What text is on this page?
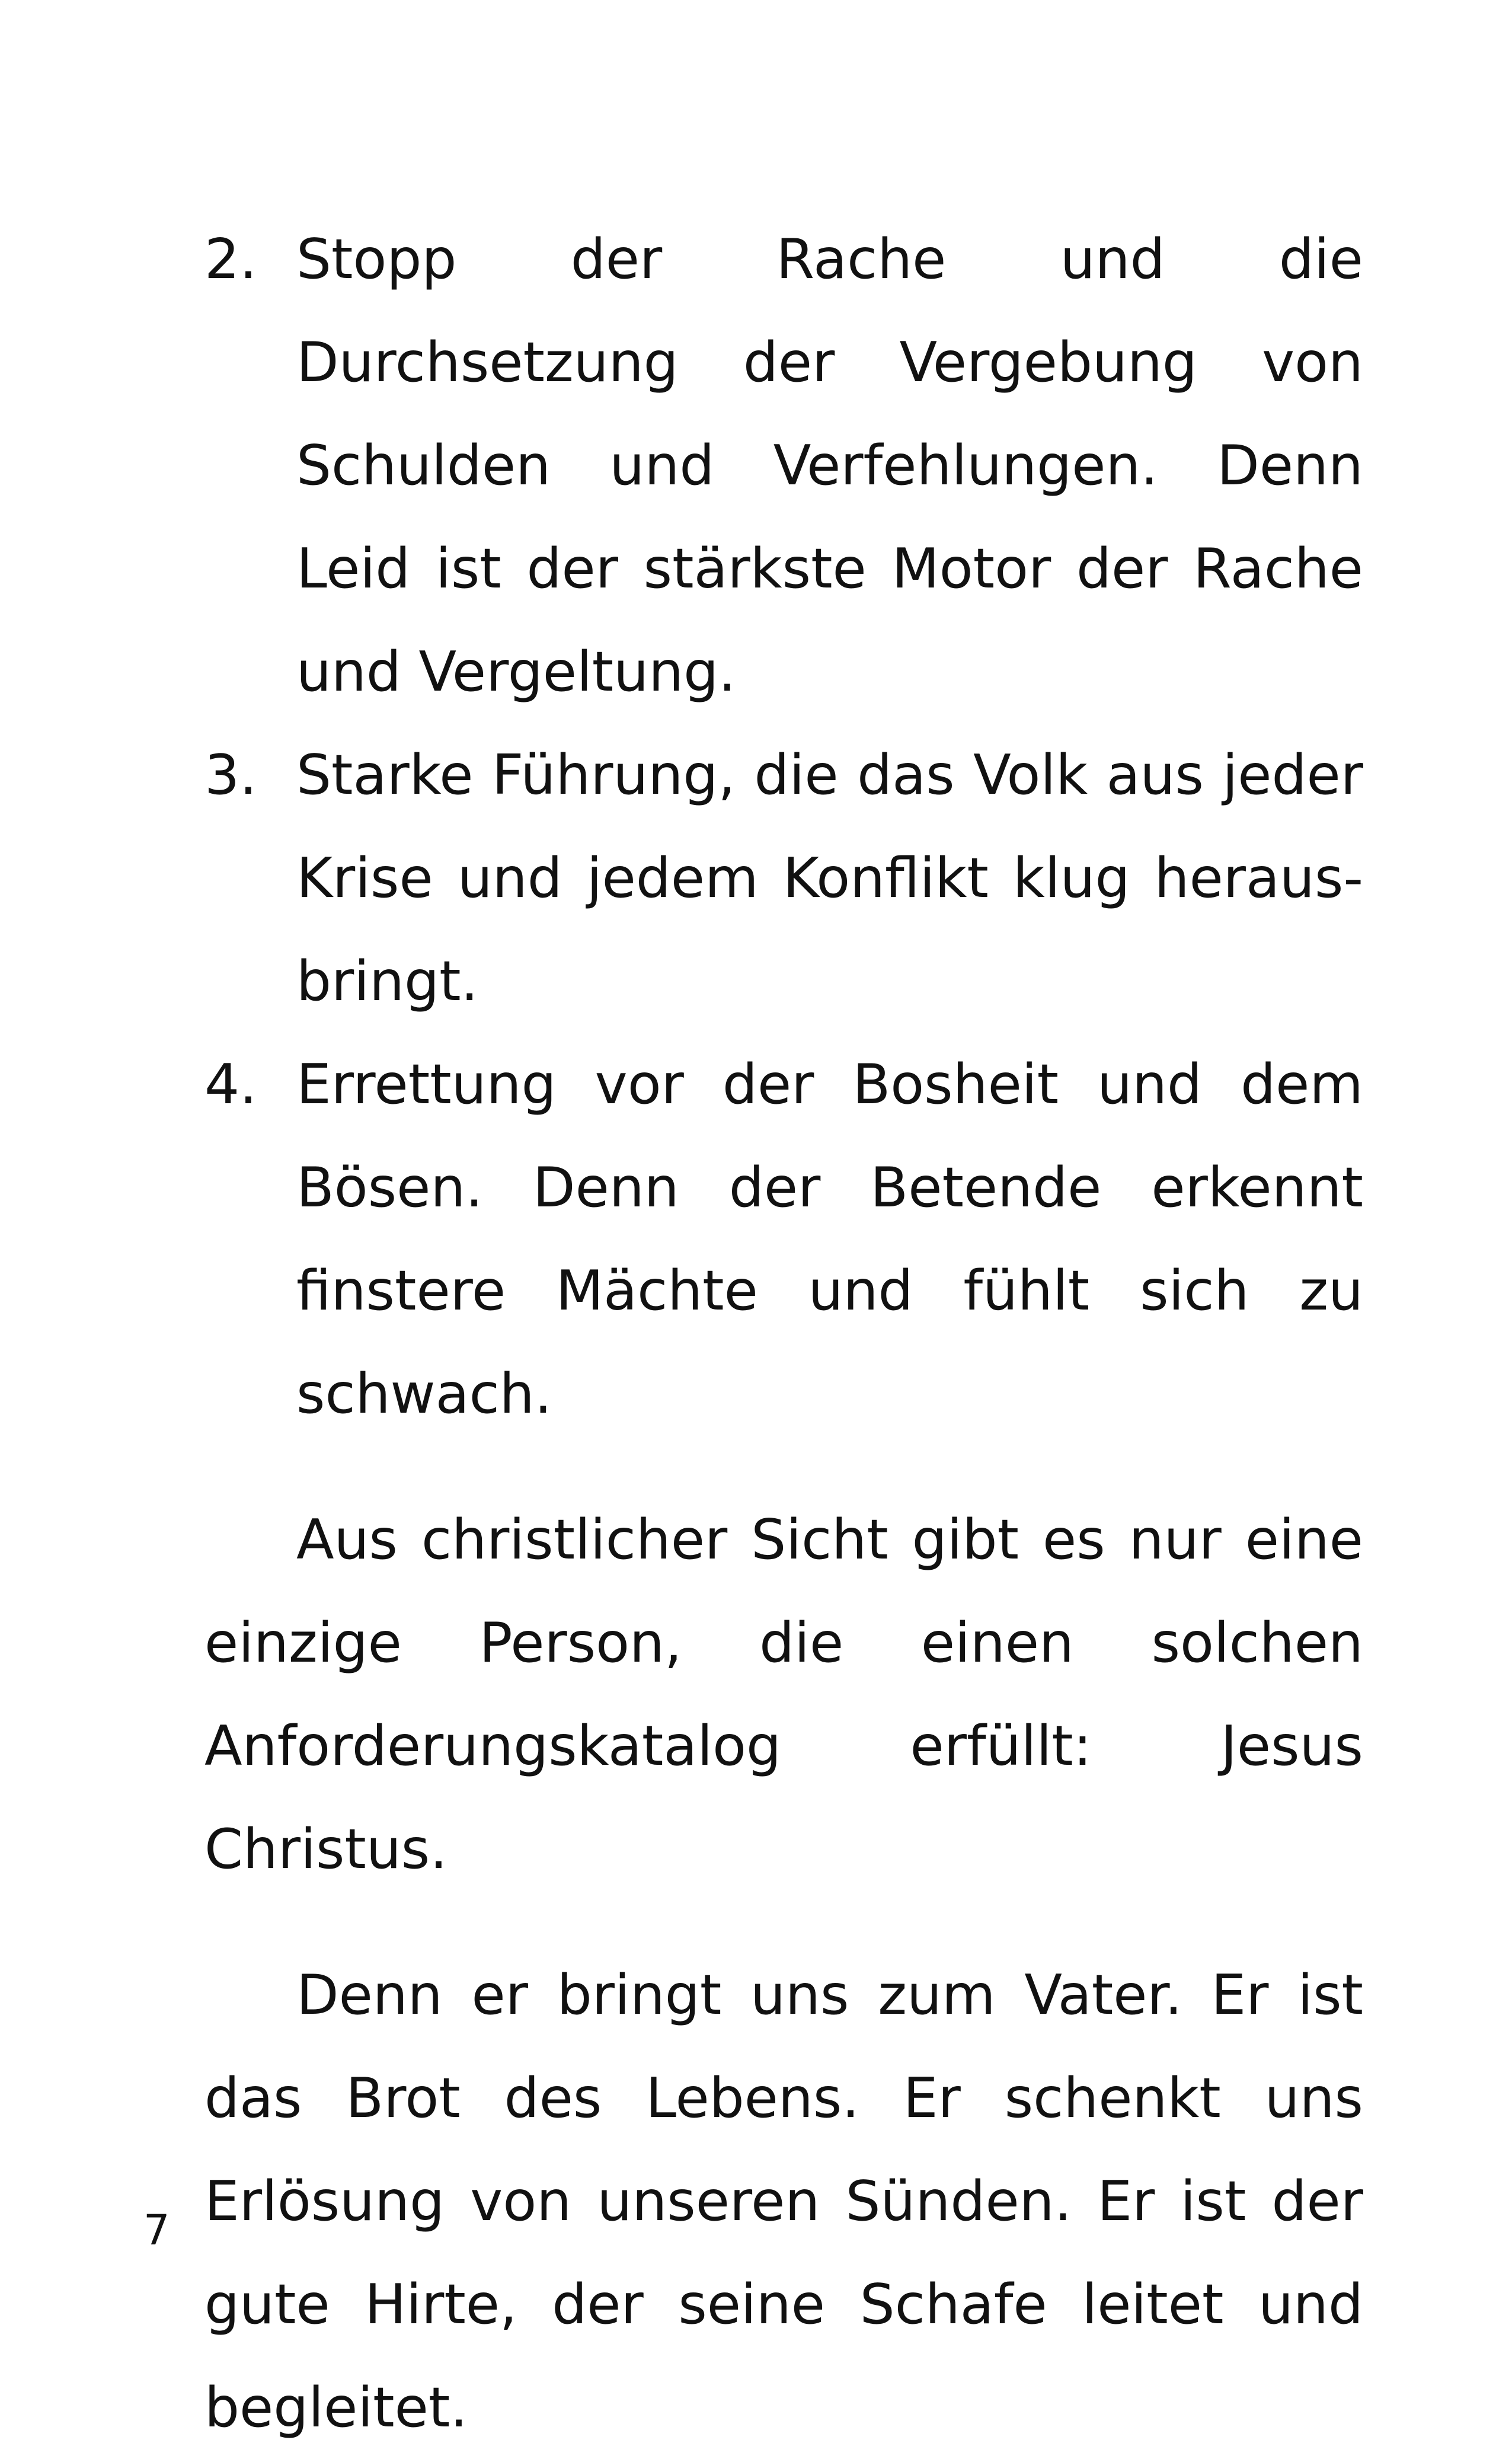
2. Stopp der Rache und die Durchsetzung der Vergebung von Schulden und Verfehlungen. Denn Leid ist der stärkste Motor der Rache und Vergeltung.
3. Starke Führung, die das Volk aus jeder Krise und jedem Konflikt klug herausbringt.
4. Errettung vor der Bosheit und dem Bösen. Denn der Betende erkennt finstere Mächte und fühlt sich zu schwach.

Aus christlicher Sicht gibt es nur eine einzige Person, die einen solchen Anforderungskatalog erfüllt: Jesus Christus.

Denn er bringt uns zum Vater. Er ist das Brot des Lebens. Er schenkt uns Erlösung von unseren Sünden. Er ist der gute Hirte, der seine Schafe leitet und begleitet.

7
